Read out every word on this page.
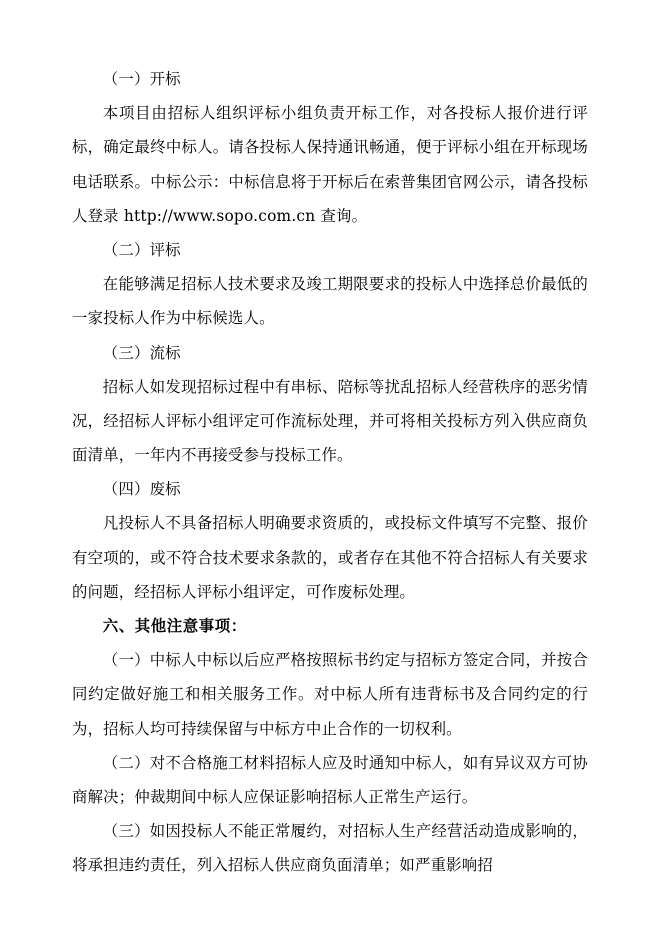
（一）开标

本项目由招标人组织评标小组负责开标工作，对各投标人报价进行评标，确定最终中标人。请各投标人保持通讯畅通，便于评标小组在开标现场电话联系。中标公示：中标信息将于开标后在索普集团官网公示，请各投标人登录 http://www.sopo.com.cn 查询。

（二）评标

在能够满足招标人技术要求及竣工期限要求的投标人中选择总价最低的一家投标人作为中标候选人。

（三）流标

招标人如发现招标过程中有串标、陪标等扰乱招标人经营秩序的恶劣情况，经招标人评标小组评定可作流标处理，并可将相关投标方列入供应商负面清单，一年内不再接受参与投标工作。

（四）废标

凡投标人不具备招标人明确要求资质的，或投标文件填写不完整、报价有空项的，或不符合技术要求条款的，或者存在其他不符合招标人有关要求的问题，经招标人评标小组评定，可作废标处理。

六、其他注意事项：

（一）中标人中标以后应严格按照标书约定与招标方签定合同，并按合同约定做好施工和相关服务工作。对中标人所有违背标书及合同约定的行为，招标人均可持续保留与中标方中止合作的一切权利。

（二）对不合格施工材料招标人应及时通知中标人，如有异议双方可协商解决；仲裁期间中标人应保证影响招标人正常生产运行。

（三）如因投标人不能正常履约，对招标人生产经营活动造成影响的，将承担违约责任，列入招标人供应商负面清单；如严重影响招
